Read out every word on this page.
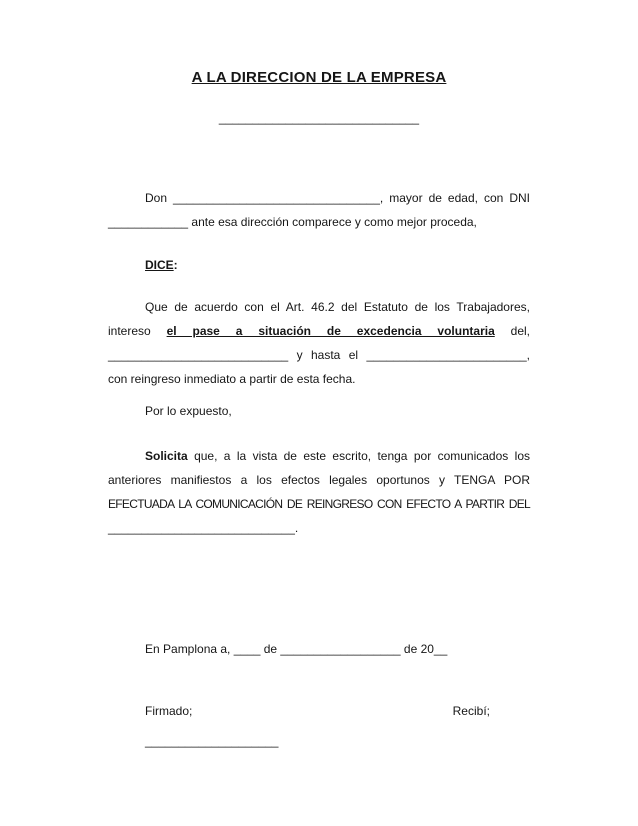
A LA DIRECCION DE LA EMPRESA
______________________________
Don _______________________________, mayor de edad, con DNI
____________ ante esa dirección comparece y como mejor proceda,
DICE:
Que de acuerdo con el Art. 46.2 del Estatuto de los Trabajadores,
intereso el pase a situación de excedencia voluntaria del,
___________________________ y hasta el ________________________,
con reingreso inmediato a partir de esta fecha.
Por lo expuesto,
Solicita que, a la vista de este escrito, tenga por comunicados los
anteriores manifiestos a los efectos legales oportunos y TENGA POR
EFECTUADA LA COMUNICACIÓN DE REINGRESO CON EFECTO A PARTIR DEL
____________________________.
En Pamplona a, ____ de __________________ de 20__
Firmado;	Recibí;
____________________
